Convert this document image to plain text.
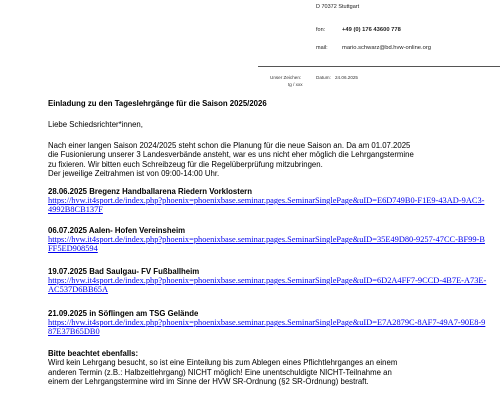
D 70372 Stuttgart
fon:	+49 (0) 176 43600 778
mail: mario.schwarz@bd.hvw-online.org
Unser Zeichen:
tg / xxx
Datum: 24.06.2025
Einladung zu den Tageslehrgänge für die Saison 2025/2026
Liebe Schiedsrichter*innen,
Nach einer langen Saison 2024/2025 steht schon die Planung für die neue Saison an. Da am 01.07.2025
die Fusionierung unserer 3 Landesverbände ansteht, war es uns nicht eher möglich die Lehrgangstermine
zu fixieren. Wir bitten euch Schreibzeug für die Regelüberprüfung mitzubringen.
Der jeweilige Zeitrahmen ist von 09:00-14:00 Uhr.
28.06.2025 Bregenz Handballarena Riedern Vorklostern
https://hvw.it4sport.de/index.php?phoenix=phoenixbase.seminar.pages.SeminarSinglePage&uID=E6D749B0-F1E9-43AD-9AC3-4992B8CB137F
06.07.2025 Aalen- Hofen Vereinsheim
https://hvw.it4sport.de/index.php?phoenix=phoenixbase.seminar.pages.SeminarSinglePage&uID=35E49D80-9257-47CC-BF99-BFF5ED908594
19.07.2025 Bad Saulgau- FV Fußballheim
https://hvw.it4sport.de/index.php?phoenix=phoenixbase.seminar.pages.SeminarSinglePage&uID=6D2A4FF7-9CCD-4B7E-A73E-AC537D6BB65A
21.09.2025 in Söflingen am TSG Gelände
https://hvw.it4sport.de/index.php?phoenix=phoenixbase.seminar.pages.SeminarSinglePage&uID=E7A2879C-8AF7-49A7-90E8-987E37B65DB0
Bitte beachtet ebenfalls:
Wird kein Lehrgang besucht, so ist eine Einteilung bis zum Ablegen eines Pflichtlehrganges an einem
anderen Termin (z.B.: Halbzeitlehrgang) NICHT möglich! Eine unentschuldigte NICHT-Teilnahme an
einem der Lehrgangstermine wird im Sinne der HVW SR-Ordnung (§2 SR-Ordnung) bestraft.
